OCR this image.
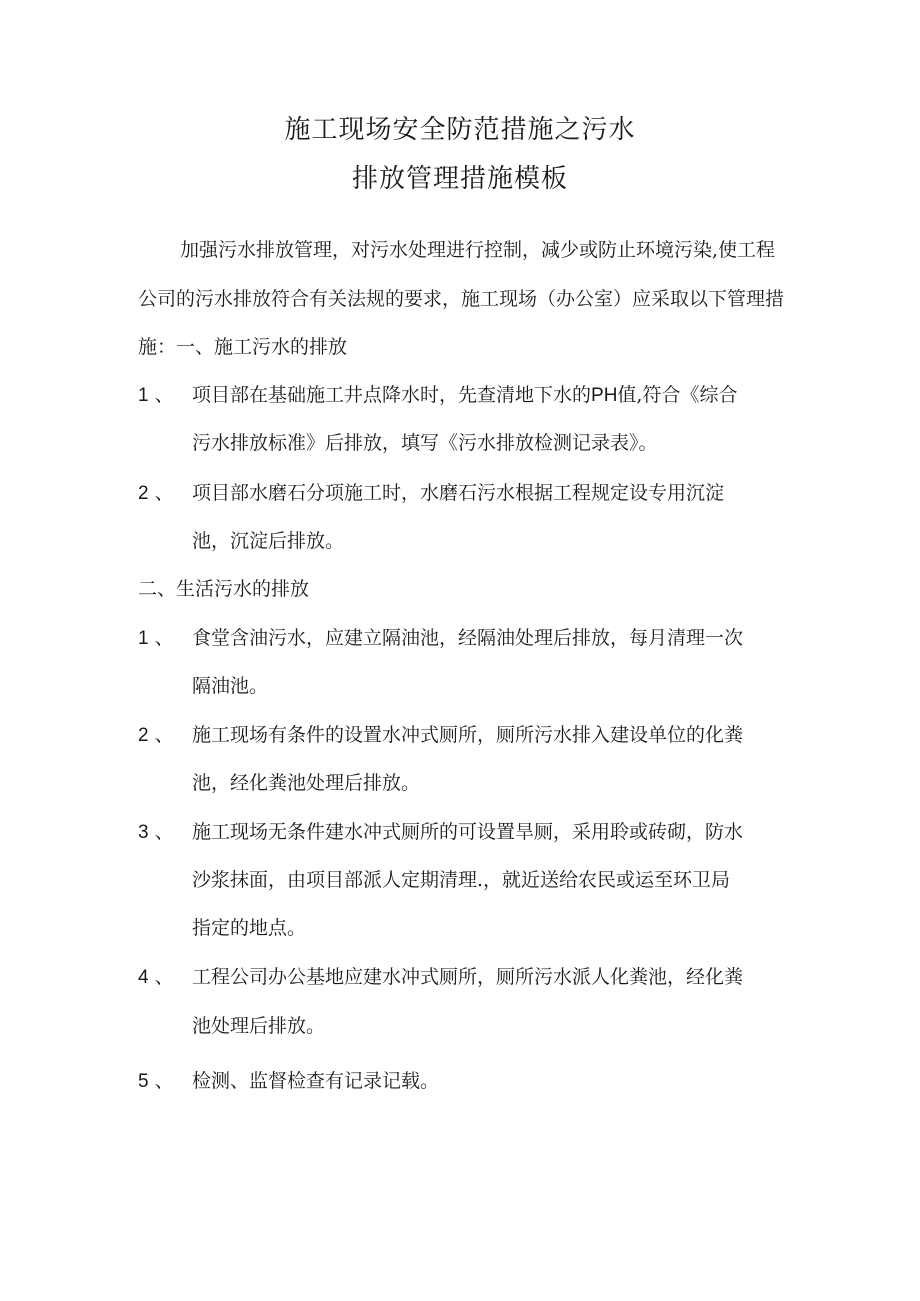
施工现场安全防范措施之污水
排放管理措施模板

加强污水排放管理，对污水处理进行控制，减少或防止环境污染,使工程公司的污水排放符合有关法规的要求，施工现场（办公室）应采取以下管理措施：一、施工污水的排放

1 、 项目部在基础施工井点降水时，先查清地下水的PH值,符合《综合
污水排放标准》后排放，填写《污水排放检测记录表》。
2 、 项目部水磨石分项施工时，水磨石污水根据工程规定设专用沉淀
池，沉淀后排放。
二、生活污水的排放
1 、 食堂含油污水，应建立隔油池，经隔油处理后排放，每月清理一次
隔油池。
2 、 施工现场有条件的设置水冲式厕所，厕所污水排入建设单位的化粪
池，经化粪池处理后排放。
3 、 施工现场无条件建水冲式厕所的可设置旱厕，采用聆或砖砌，防水
沙浆抹面，由项目部派人定期清理.，就近送给农民或运至环卫局
指定的地点。
4 、 工程公司办公基地应建水冲式厕所，厕所污水派人化粪池，经化粪
池处理后排放。
5 、 检测、监督检查有记录记载。
